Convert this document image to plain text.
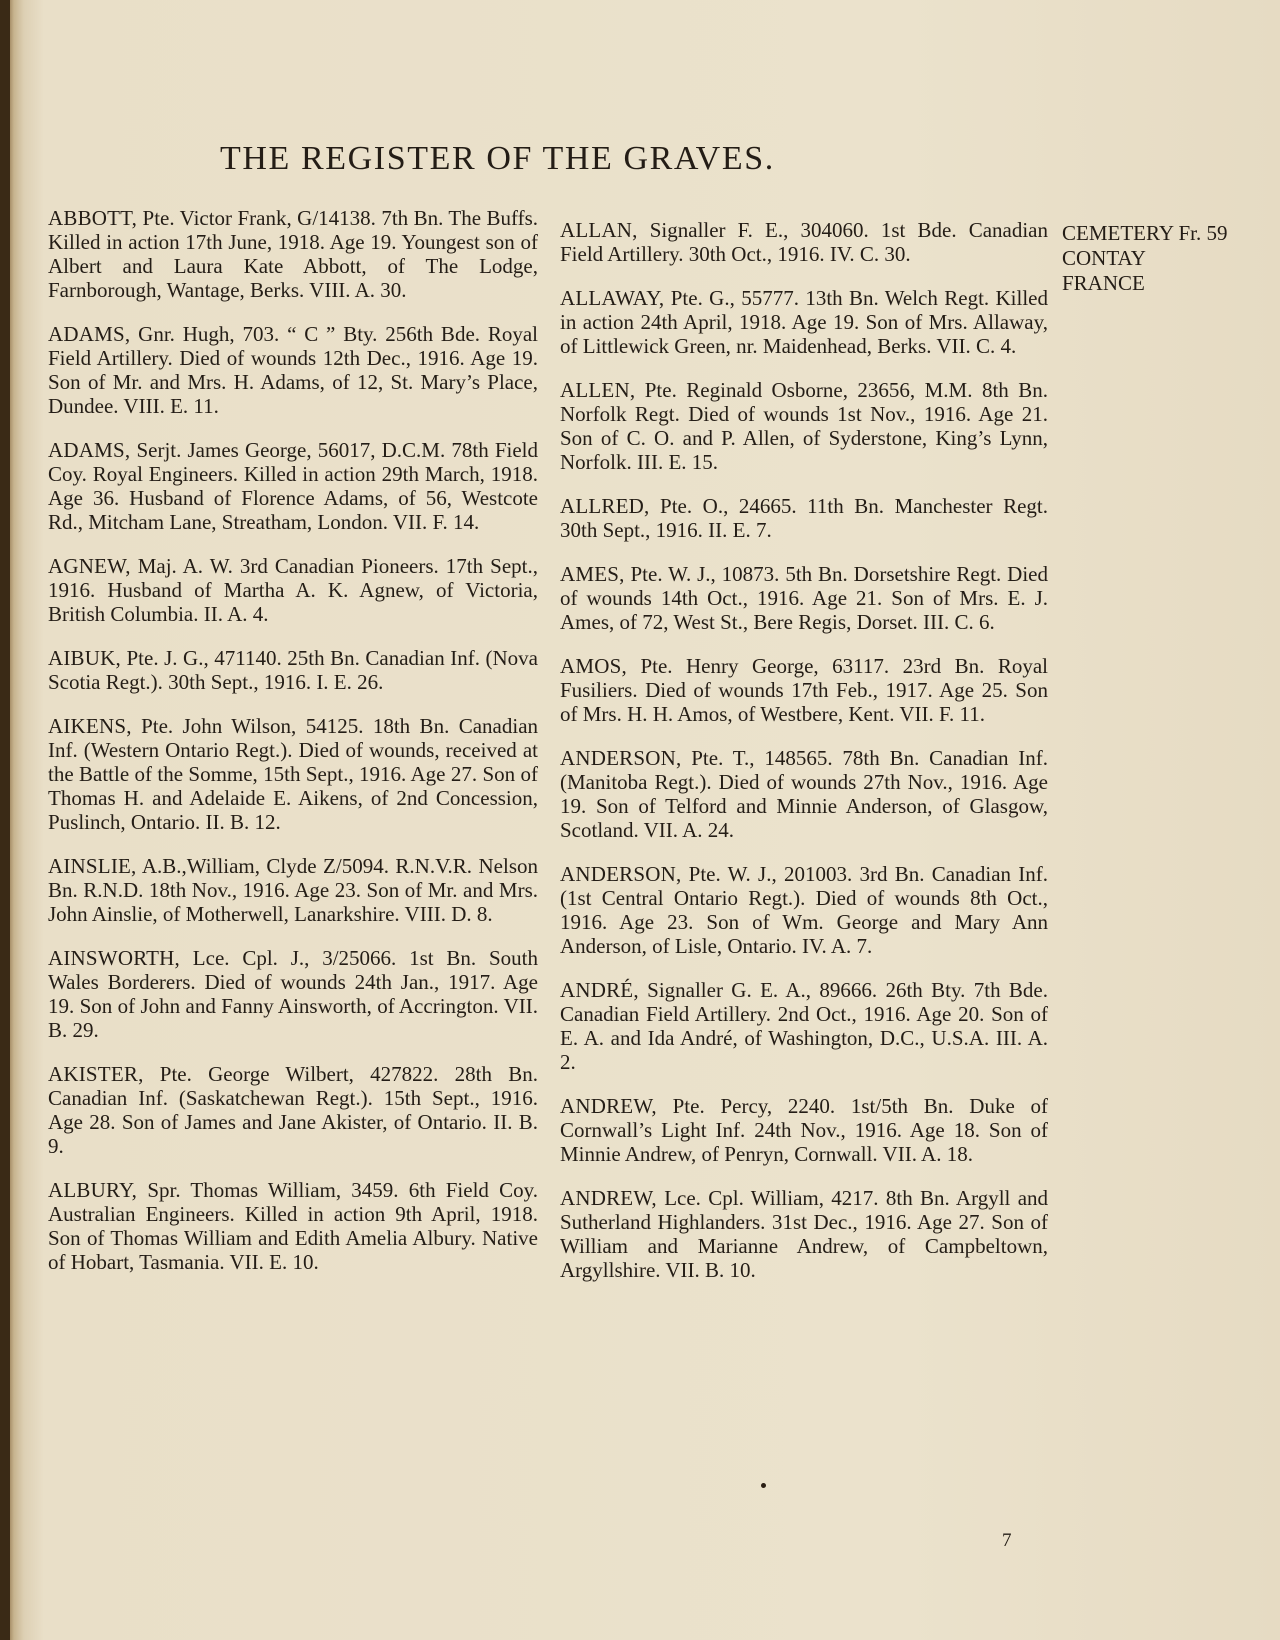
THE REGISTER OF THE GRAVES.

ABBOTT, Pte. Victor Frank, G/14138. 7th Bn. The Buffs. Killed in action 17th June, 1918. Age 19. Youngest son of Albert and Laura Kate Abbott, of The Lodge, Farnborough, Wantage, Berks. VIII. A. 30.

ADAMS, Gnr. Hugh, 703. “ C ” Bty. 256th Bde. Royal Field Artillery. Died of wounds 12th Dec., 1916. Age 19. Son of Mr. and Mrs. H. Adams, of 12, St. Mary’s Place, Dundee. VIII. E. 11.

ADAMS, Serjt. James George, 56017, D.C.M. 78th Field Coy. Royal Engineers. Killed in action 29th March, 1918. Age 36. Husband of Florence Adams, of 56, Westcote Rd., Mitcham Lane, Streatham, London. VII. F. 14.

AGNEW, Maj. A. W. 3rd Canadian Pioneers. 17th Sept., 1916. Husband of Martha A. K. Agnew, of Victoria, British Columbia. II. A. 4.

AIBUK, Pte. J. G., 471140. 25th Bn. Canadian Inf. (Nova Scotia Regt.). 30th Sept., 1916. I. E. 26.

AIKENS, Pte. John Wilson, 54125. 18th Bn. Canadian Inf. (Western Ontario Regt.). Died of wounds, received at the Battle of the Somme, 15th Sept., 1916. Age 27. Son of Thomas H. and Adelaide E. Aikens, of 2nd Concession, Puslinch, Ontario. II. B. 12.

AINSLIE, A.B.,William, Clyde Z/5094. R.N.V.R. Nelson Bn. R.N.D. 18th Nov., 1916. Age 23. Son of Mr. and Mrs. John Ainslie, of Motherwell, Lanarkshire. VIII. D. 8.

AINSWORTH, Lce. Cpl. J., 3/25066. 1st Bn. South Wales Borderers. Died of wounds 24th Jan., 1917. Age 19. Son of John and Fanny Ainsworth, of Accrington. VII. B. 29.

AKISTER, Pte. George Wilbert, 427822. 28th Bn. Canadian Inf. (Saskatchewan Regt.). 15th Sept., 1916. Age 28. Son of James and Jane Akister, of Ontario. II. B. 9.

ALBURY, Spr. Thomas William, 3459. 6th Field Coy. Australian Engineers. Killed in action 9th April, 1918. Son of Thomas William and Edith Amelia Albury. Native of Hobart, Tasmania. VII. E. 10.

ALLAN, Signaller F. E., 304060. 1st Bde. Canadian Field Artillery. 30th Oct., 1916. IV. C. 30.

ALLAWAY, Pte. G., 55777. 13th Bn. Welch Regt. Killed in action 24th April, 1918. Age 19. Son of Mrs. Allaway, of Littlewick Green, nr. Maidenhead, Berks. VII. C. 4.

ALLEN, Pte. Reginald Osborne, 23656, M.M. 8th Bn. Norfolk Regt. Died of wounds 1st Nov., 1916. Age 21. Son of C. O. and P. Allen, of Syderstone, King’s Lynn, Norfolk. III. E. 15.

ALLRED, Pte. O., 24665. 11th Bn. Manchester Regt. 30th Sept., 1916. II. E. 7.

AMES, Pte. W. J., 10873. 5th Bn. Dorsetshire Regt. Died of wounds 14th Oct., 1916. Age 21. Son of Mrs. E. J. Ames, of 72, West St., Bere Regis, Dorset. III. C. 6.

AMOS, Pte. Henry George, 63117. 23rd Bn. Royal Fusiliers. Died of wounds 17th Feb., 1917. Age 25. Son of Mrs. H. H. Amos, of Westbere, Kent. VII. F. 11.

ANDERSON, Pte. T., 148565. 78th Bn. Canadian Inf. (Manitoba Regt.). Died of wounds 27th Nov., 1916. Age 19. Son of Telford and Minnie Anderson, of Glasgow, Scotland. VII. A. 24.

ANDERSON, Pte. W. J., 201003. 3rd Bn. Canadian Inf. (1st Central Ontario Regt.). Died of wounds 8th Oct., 1916. Age 23. Son of Wm. George and Mary Ann Anderson, of Lisle, Ontario. IV. A. 7.

ANDRÉ, Signaller G. E. A., 89666. 26th Bty. 7th Bde. Canadian Field Artillery. 2nd Oct., 1916. Age 20. Son of E. A. and Ida André, of Washington, D.C., U.S.A. III. A. 2.

ANDREW, Pte. Percy, 2240. 1st/5th Bn. Duke of Cornwall’s Light Inf. 24th Nov., 1916. Age 18. Son of Minnie Andrew, of Penryn, Cornwall. VII. A. 18.

ANDREW, Lce. Cpl. William, 4217. 8th Bn. Argyll and Sutherland Highlanders. 31st Dec., 1916. Age 27. Son of William and Marianne Andrew, of Campbeltown, Argyllshire. VII. B. 10.

CEMETERY Fr. 59
CONTAY
FRANCE
7
